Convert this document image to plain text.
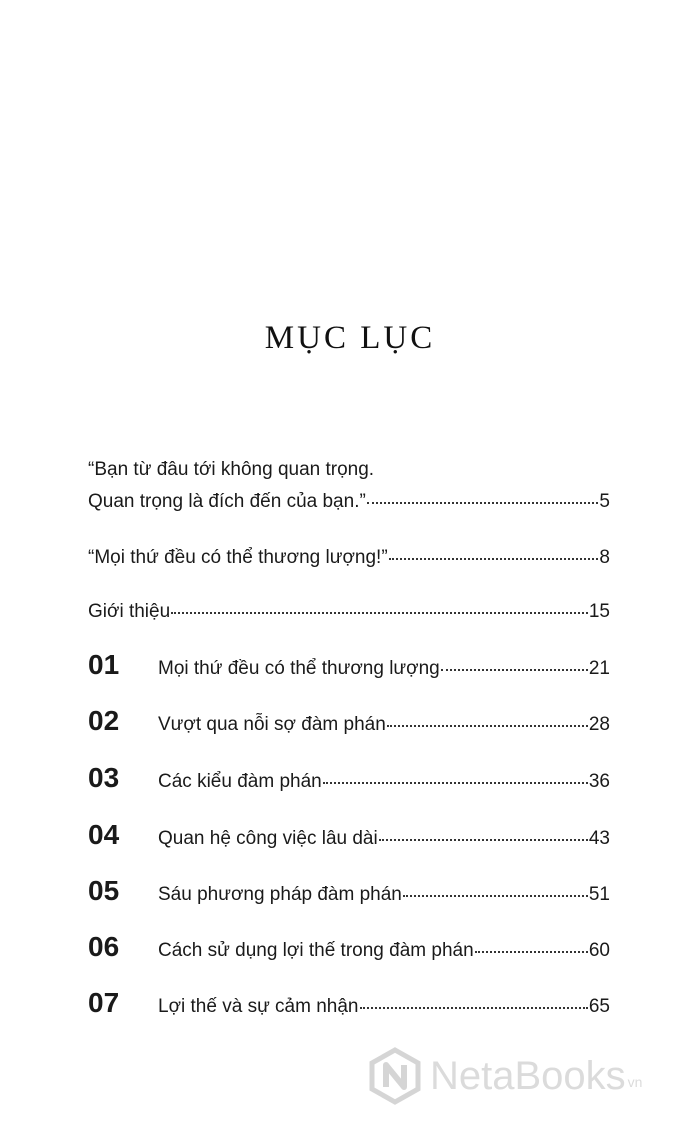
MỤC LỤC
“Bạn từ đâu tới không quan trọng.
Quan trọng là đích đến của bạn.”	5
“Mọi thứ đều có thể thương lượng!”	8
Giới thiệu	15
01	Mọi thứ đều có thể thương lượng	21
02	Vượt qua nỗi sợ đàm phán	28
03	Các kiểu đàm phán	36
04	Quan hệ công việc lâu dài	43
05	Sáu phương pháp đàm phán	51
06	Cách sử dụng lợi thế trong đàm phán	60
07	Lợi thế và sự cảm nhận	65
NetaBooks vn
